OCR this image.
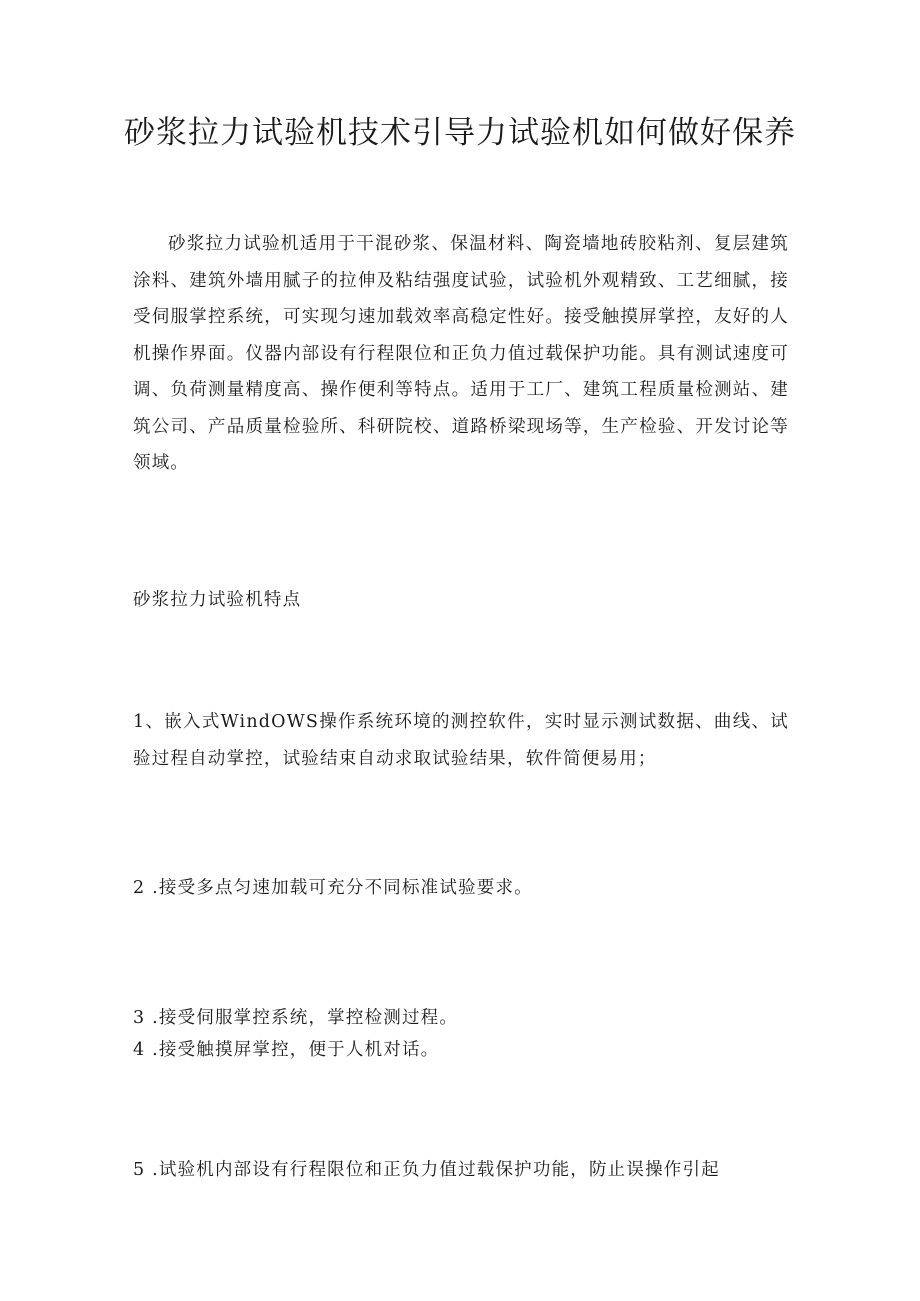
砂浆拉力试验机技术引导力试验机如何做好保养

砂浆拉力试验机适用于干混砂浆、保温材料、陶瓷墙地砖胶粘剂、复层建筑涂料、建筑外墙用腻子的拉伸及粘结强度试验，试验机外观精致、工艺细腻，接受伺服掌控系统，可实现匀速加载效率高稳定性好。接受触摸屏掌控，友好的人机操作界面。仪器内部设有行程限位和正负力值过载保护功能。具有测试速度可调、负荷测量精度高、操作便利等特点。适用于工厂、建筑工程质量检测站、建筑公司、产品质量检验所、科研院校、道路桥梁现场等，生产检验、开发讨论等领域。

砂浆拉力试验机特点

1、嵌入式WindOWS操作系统环境的测控软件，实时显示测试数据、曲线、试验过程自动掌控，试验结束自动求取试验结果，软件简便易用；

2 .接受多点匀速加载可充分不同标准试验要求。

3 .接受伺服掌控系统，掌控检测过程。

4 .接受触摸屏掌控，便于人机对话。

5 .试验机内部设有行程限位和正负力值过载保护功能，防止误操作引起
